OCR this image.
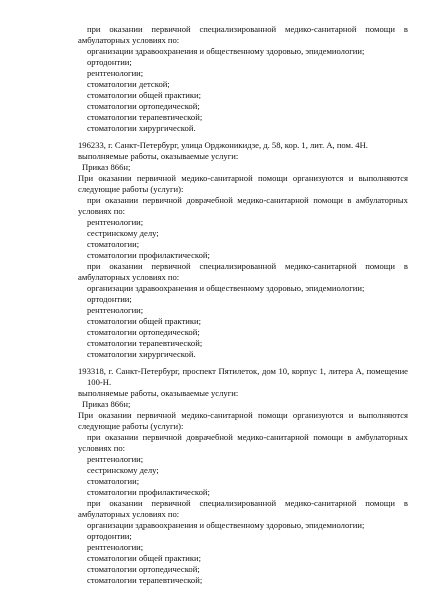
при оказании первичной специализированной медико-санитарной помощи в
амбулаторных условиях по:
организации здравоохранения и общественному здоровью, эпидемиологии;
ортодонтии;
рентгенологии;
стоматологии детской;
стоматологии общей практики;
стоматологии ортопедической;
стоматологии терапевтической;
стоматологии хирургической.
196233, г. Санкт-Петербург, улица Орджоникидзе, д. 58, кор. 1, лит. А, пом. 4Н.
выполняемые работы, оказываемые услуги:
Приказ 866н;
При оказании первичной медико-санитарной помощи организуются и выполняются
следующие работы (услуги):
при оказании первичной доврачебной медико-санитарной помощи в амбулаторных
условиях по:
рентгенологии;
сестринскому делу;
стоматологии;
стоматологии профилактической;
при оказании первичной специализированной медико-санитарной помощи в
амбулаторных условиях по:
организации здравоохранения и общественному здоровью, эпидемиологии;
ортодонтии;
рентгенологии;
стоматологии общей практики;
стоматологии ортопедической;
стоматологии терапевтической;
стоматологии хирургической.
193318, г. Санкт-Петербург, проспект Пятилеток, дом 10, корпус 1, литера А, помещение
100-Н.
выполняемые работы, оказываемые услуги:
Приказ 866н;
При оказании первичной медико-санитарной помощи организуются и выполняются
следующие работы (услуги):
при оказании первичной доврачебной медико-санитарной помощи в амбулаторных
условиях по:
рентгенологии;
сестринскому делу;
стоматологии;
стоматологии профилактической;
при оказании первичной специализированной медико-санитарной помощи в
амбулаторных условиях по:
организации здравоохранения и общественному здоровью, эпидемиологии;
ортодонтии;
рентгенологии;
стоматологии общей практики;
стоматологии ортопедической;
стоматологии терапевтической;
